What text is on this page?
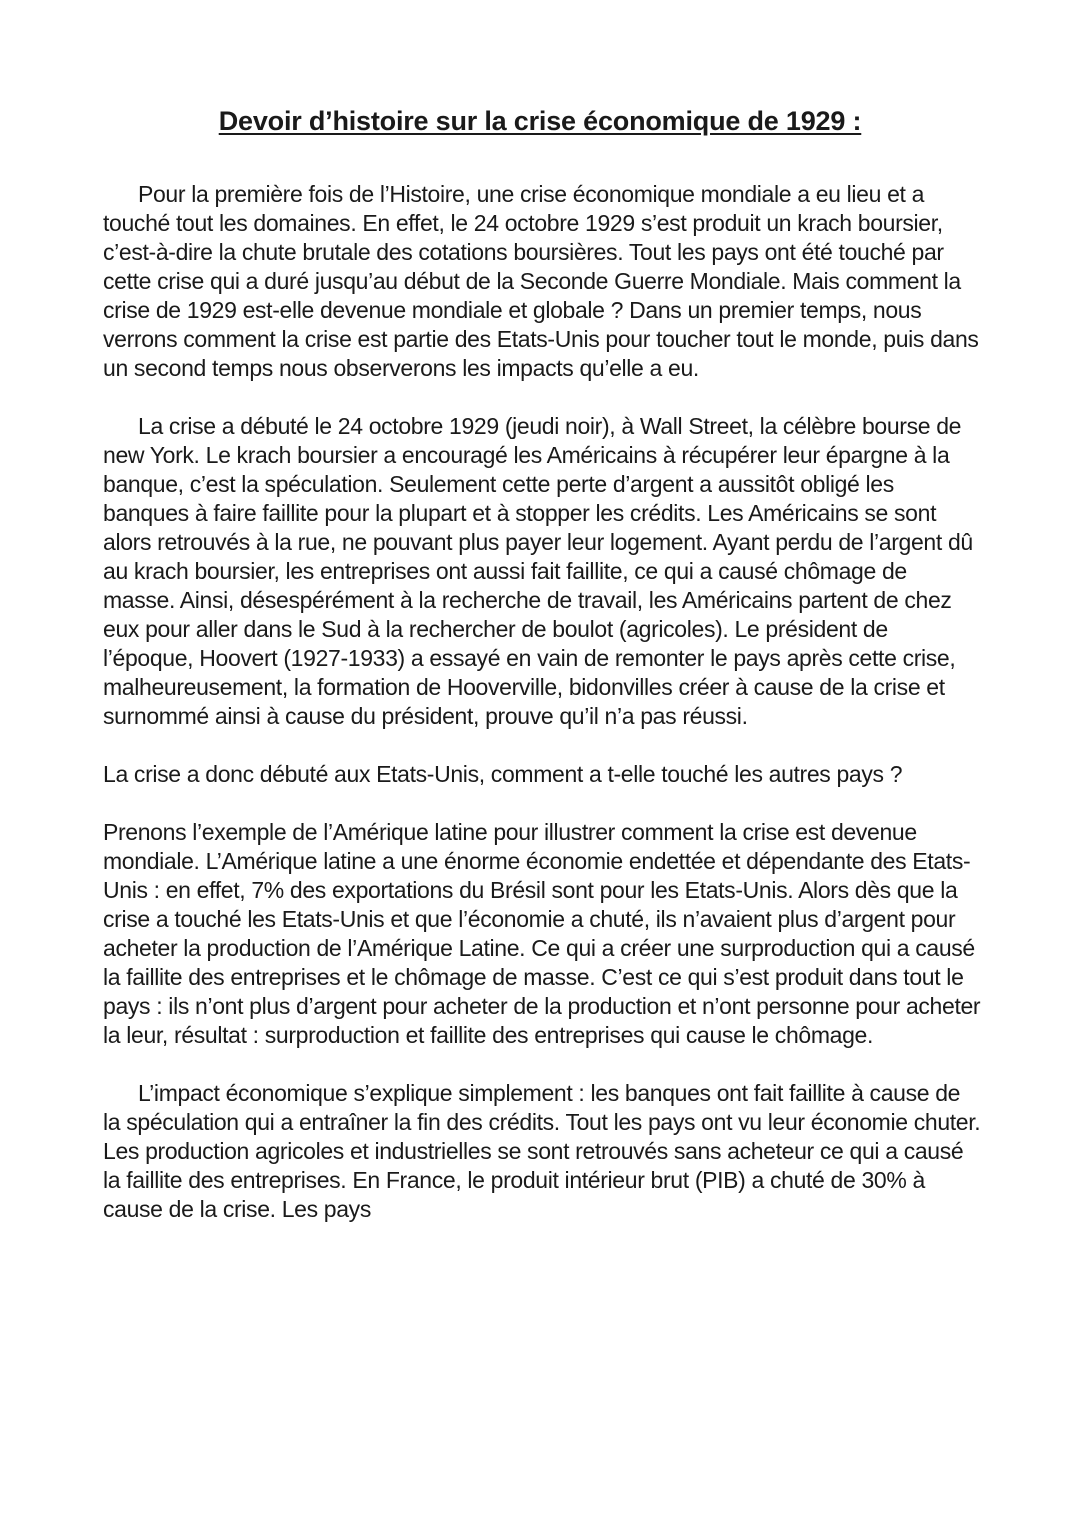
Devoir d’histoire sur la crise économique de 1929 :

Pour la première fois de l’Histoire, une crise économique mondiale a eu lieu et a touché tout les domaines. En effet, le 24 octobre 1929 s’est produit un krach boursier, c’est-à-dire la chute brutale des cotations boursières. Tout les pays ont été touché par cette crise qui a duré jusqu’au début de la Seconde Guerre Mondiale. Mais comment la crise de 1929 est-elle devenue mondiale et globale ? Dans un premier temps, nous verrons comment la crise est partie des Etats-Unis pour toucher tout le monde, puis dans un second temps nous observerons les impacts qu’elle a eu.

La crise a débuté le 24 octobre 1929 (jeudi noir), à Wall Street, la célèbre bourse de new York. Le krach boursier a encouragé les Américains à récupérer leur épargne à la banque, c’est la spéculation. Seulement cette perte d’argent a aussitôt obligé les banques à faire faillite pour la plupart et à stopper les crédits. Les Américains se sont alors retrouvés à la rue, ne pouvant plus payer leur logement. Ayant perdu de l’argent dû au krach boursier, les entreprises ont aussi fait faillite, ce qui a causé chômage de masse. Ainsi, désespérément à la recherche de travail, les Américains partent de chez eux pour aller dans le Sud à la rechercher de boulot (agricoles). Le président de l’époque, Hoovert (1927-1933) a essayé en vain de remonter le pays après cette crise, malheureusement, la formation de Hooverville, bidonvilles créer à cause de la crise et surnommé ainsi à cause du président, prouve qu’il n’a pas réussi.

La crise a donc débuté aux Etats-Unis, comment a t-elle touché les autres pays ?

Prenons l’exemple de l’Amérique latine pour illustrer comment la crise est devenue mondiale. L’Amérique latine a une énorme économie endettée et dépendante des Etats-Unis : en effet, 7% des exportations du Brésil sont pour les Etats-Unis. Alors dès que la crise a touché les Etats-Unis et que l’économie a chuté, ils n’avaient plus d’argent pour acheter la production de l’Amérique Latine. Ce qui a créer une surproduction qui a causé la faillite des entreprises et le chômage de masse. C’est ce qui s’est produit dans tout le pays : ils n’ont plus d’argent pour acheter de la production et n’ont personne pour acheter la leur, résultat : surproduction et faillite des entreprises qui cause le chômage.

L’impact économique s’explique simplement : les banques ont fait faillite à cause de la spéculation qui a entraîner la fin des crédits. Tout les pays ont vu leur économie chuter. Les production agricoles et industrielles se sont retrouvés sans acheteur ce qui a causé la faillite des entreprises. En France, le produit intérieur brut (PIB) a chuté de 30% à cause de la crise. Les pays
